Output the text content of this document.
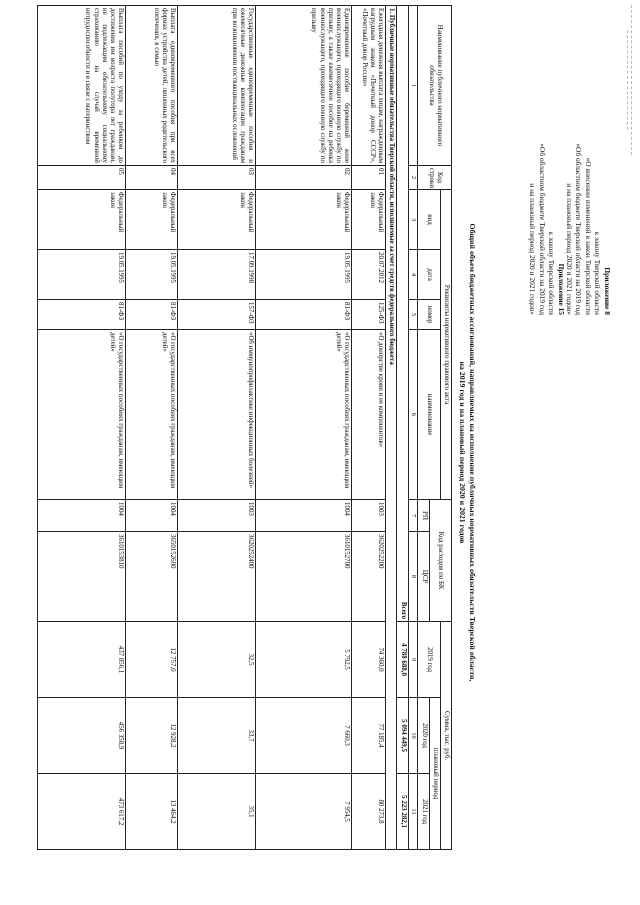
Приложение 8
к закону Тверской области
«О внесении изменений в закон Тверской области
«Об областном бюджете Тверской области на 2019 год
и на плановый период 2020 и 2021 годов»
Приложение 15
к закону Тверской области
«Об областном бюджете Тверской области на 2019 год
и на плановый период 2020 и 2021 годов»
Общий объем бюджетных ассигнований, направляемых на исполнение публичных нормативных обязательств Тверской области,
на 2019 год и на плановый период 2020 и 2021 годов
Наименование публичного нормативного обязательства	Код строки	Реквизиты нормативного правового акта				Код расходов по БК		Сумма, тыс. руб.		
		вид	дата	номер	наименование			2019 год	плановый период	
						РП	ЦСР		2020 год	2021 год
1	2	3	4	5	6	7	8	9	10	11
Всего								4 788 688,0	5 094 449,5	5 223 282,1
1. Публичные нормативные обязательства Тверской области, исполняемые за счет средств федерального бюджета										
Ежегодная денежная выплата лицам, награжденным нагрудным знаком «Почетный донор СССР», «Почетный донор России»	01	Федеральный закон	20.07.2012	125-ФЗ	«О донорстве крови и ее компонентов»	1003	3620252200	74 360,0	77 185,4	80 273,8
Единовременное пособие беременной жене военнослужащего, проходящего военную службу по призыву, а также ежемесячное пособие на ребенка военнослужащего, проходящего военную службу по призыву	02	Федеральный закон	19.05.1995	81-ФЗ	«О государственных пособиях гражданам, имеющим детей»	1004	3610152700	5 792,5	7 660,3	7 954,5
Государственные единовременные пособия и ежемесячные денежные компенсации гражданам при возникновении поствакцинальных осложнений	03	Федеральный закон	17.09.1998	157-ФЗ	«Об иммунопрофилактике инфекционных болезней»	1003	3620252400	32,5	33,7	35,1
Выплата единовременного пособия при всех формах устройства детей, лишенных родительского попечения, в семью	04	Федеральный закон	19.05.1995	81-ФЗ	«О государственных пособиях гражданам, имеющим детей»	1004	3650152600	12 757,0	12 928,2	13 464,2
Выплата пособий по уходу за ребенком до достижения им возраста полутора лет гражданам, не подлежащим обязательному социальному страхованию на случай временной нетрудоспособности и в связи с материнством	05	Федеральный закон	19.05.1995	81-ФЗ	«О государственных пособиях гражданам, имеющим детей»	1004	3610153810	437 856,1	456 358,9	473 617,2
